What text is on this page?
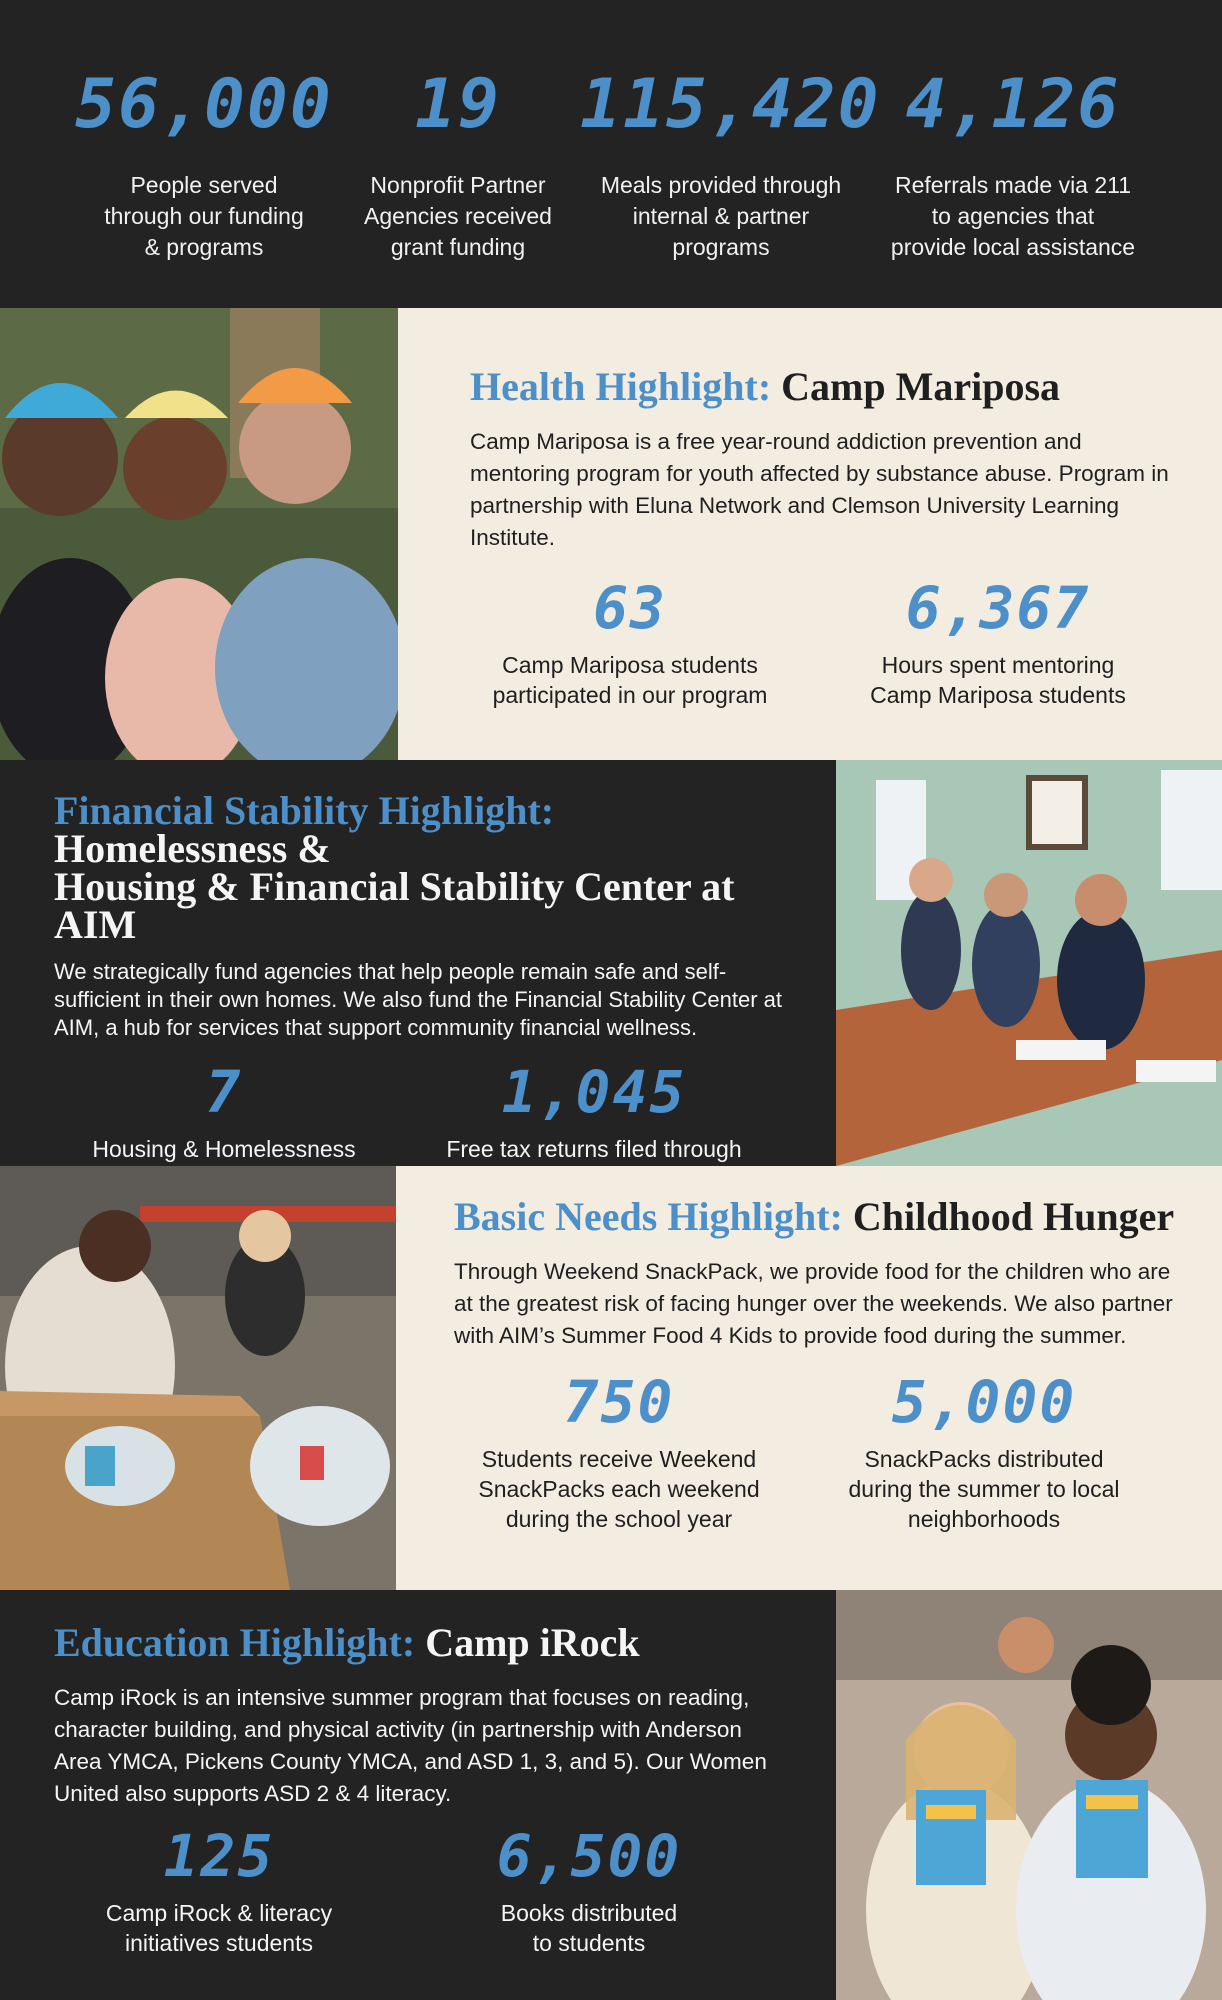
56,000
People served
through our funding
& programs
19
Nonprofit Partner
Agencies received
grant funding
115,420
Meals provided through
internal & partner
programs
4,126
Referrals made via 211
to agencies that
provide local assistance
Health Highlight: Camp Mariposa

Camp Mariposa is a free year-round addiction prevention and mentoring program for youth affected by substance abuse. Program in partnership with Eluna Network and Clemson University Learning Institute.

63
Camp Mariposa students
participated in our program
6,367
Hours spent mentoring
Camp Mariposa students
Financial Stability Highlight: Homelessness &
Housing & Financial Stability Center at AIM

We strategically fund agencies that help people remain safe and self-sufficient in their own homes. We also fund the Financial Stability Center at AIM, a hub for services that support community financial wellness.

7
Housing & Homelessness
1,045
Free tax returns filed through
Basic Needs Highlight: Childhood Hunger

Through Weekend SnackPack, we provide food for the children who are at the greatest risk of facing hunger over the weekends. We also partner with AIM’s Summer Food 4 Kids to provide food during the summer.

750
Students receive Weekend
SnackPacks each weekend
during the school year
5,000
SnackPacks distributed
during the summer to local
neighborhoods
Education Highlight: Camp iRock

Camp iRock is an intensive summer program that focuses on reading, character building, and physical activity (in partnership with Anderson Area YMCA, Pickens County YMCA, and ASD 1, 3, and 5). Our Women United also supports ASD 2 & 4 literacy.

125
Camp iRock & literacy
initiatives students
6,500
Books distributed
to students
